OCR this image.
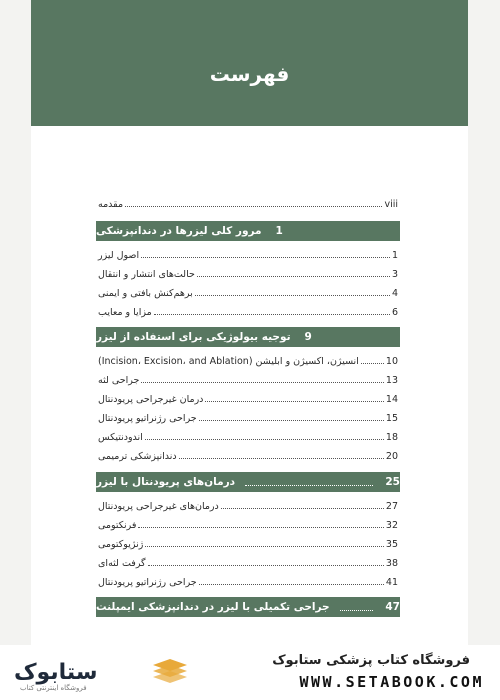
فهرست
مقدمه	viii
مرور کلی لیزرها در دندانپزشکی	1
اصول لیزر	1
حالت‌های انتشار و انتقال	3
برهم‌کنش بافتی و ایمنی	4
مزایا و معایب	6
توجیه بیولوژیکی برای استفاده از لیزر	9
انسیژن، اکسیژن و ابلیشن (Incision، Excision، and Ablation)	10
جراحی لثه	13
درمان غیرجراحی پریودنتال	14
جراحی رژنراتیو پریودنتال	15
اندودنتیکس	18
دندانپزشکی ترمیمی	20
درمان‌های پریودنتال با لیزر	25
درمان‌های غیرجراحی پریودنتال	27
فرنکتومی	32
ژنژیوکتومی	35
گرفت لثه‌ای	38
جراحی رژنراتیو پریودنتال	41
جراحی تکمیلی با لیزر در دندانپزشکی ایمپلنت	47
ستابوک
فروشگاه اینترنتی کتاب
فروشگاه کتاب پزشکی ستابوک
WWW.SETABOOK.COM
